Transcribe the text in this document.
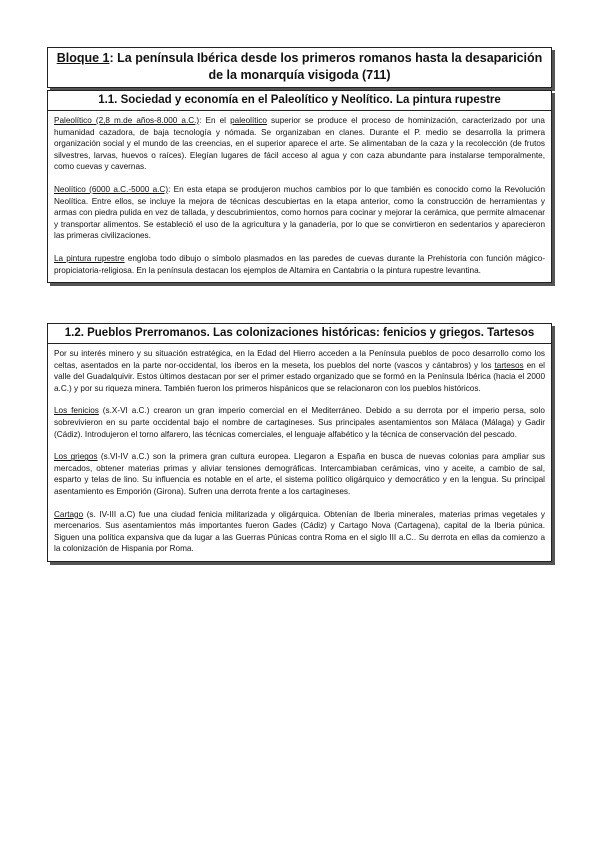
Bloque 1: La península Ibérica desde los primeros romanos hasta la desaparición de la monarquía visigoda (711)
1.1. Sociedad y economía en el Paleolítico y Neolítico. La pintura rupestre

Paleolítico (2,8 m.de años-8.000 a.C.): En el paleolítico superior se produce el proceso de hominización, caracterizado por una humanidad cazadora, de baja tecnología y nómada. Se organizaban en clanes. Durante el P. medio se desarrolla la primera organización social y el mundo de las creencias, en el superior aparece el arte. Se alimentaban de la caza y la recolección (de frutos silvestres, larvas, huevos o raíces). Elegían lugares de fácil acceso al agua y con caza abundante para instalarse temporalmente, como cuevas y cavernas.

Neolítico (6000 a.C.-5000 a.C): En esta etapa se produjeron muchos cambios por lo que también es conocido como la Revolución Neolítica. Entre ellos, se incluye la mejora de técnicas descubiertas en la etapa anterior, como la construcción de herramientas y armas con piedra pulida en vez de tallada, y descubrimientos, como hornos para cocinar y mejorar la cerámica, que permite almacenar y transportar alimentos. Se estableció el uso de la agricultura y la ganadería, por lo que se convirtieron en sedentarios y aparecieron las primeras civilizaciones.

La pintura rupestre engloba todo dibujo o símbolo plasmados en las paredes de cuevas durante la Prehistoria con función mágico-propiciatoria-religiosa. En la península destacan los ejemplos de Altamira en Cantabria o la pintura rupestre levantina.

1.2. Pueblos Prerromanos. Las colonizaciones históricas: fenicios y griegos. Tartesos

Por su interés minero y su situación estratégica, en la Edad del Hierro acceden a la Península pueblos de poco desarrollo como los celtas, asentados en la parte nor-occidental, los íberos en la meseta, los pueblos del norte (vascos y cántabros) y los tartesos en el valle del Guadalquivir. Estos últimos destacan por ser el primer estado organizado que se formó en la Península Ibérica (hacia el 2000 a.C.) y por su riqueza minera. También fueron los primeros hispánicos que se relacionaron con los pueblos históricos.

Los fenicios (s.X-VI a.C.) crearon un gran imperio comercial en el Mediterráneo. Debido a su derrota por el imperio persa, solo sobrevivieron en su parte occidental bajo el nombre de cartagineses. Sus principales asentamientos son Málaca (Málaga) y Gadir (Cádiz). Introdujeron el torno alfarero, las técnicas comerciales, el lenguaje alfabético y la técnica de conservación del pescado.

Los griegos (s.VI-IV a.C.) son la primera gran cultura europea. Llegaron a España en busca de nuevas colonias para ampliar sus mercados, obtener materias primas y aliviar tensiones demográficas. Intercambiaban cerámicas, vino y aceite, a cambio de sal, esparto y telas de lino. Su influencia es notable en el arte, el sistema político oligárquico y democrático y en la lengua. Su principal asentamiento es Emporión (Girona). Sufren una derrota frente a los cartagineses.

Cartago (s. IV-III a.C) fue una ciudad fenicia militarizada y oligárquica. Obtenían de Iberia minerales, materias primas vegetales y mercenarios. Sus asentamientos más importantes fueron Gades (Cádiz) y Cartago Nova (Cartagena), capital de la Iberia púnica. Siguen una política expansiva que da lugar a las Guerras Púnicas contra Roma en el siglo III a.C.. Su derrota en ellas da comienzo a la colonización de Hispania por Roma.
